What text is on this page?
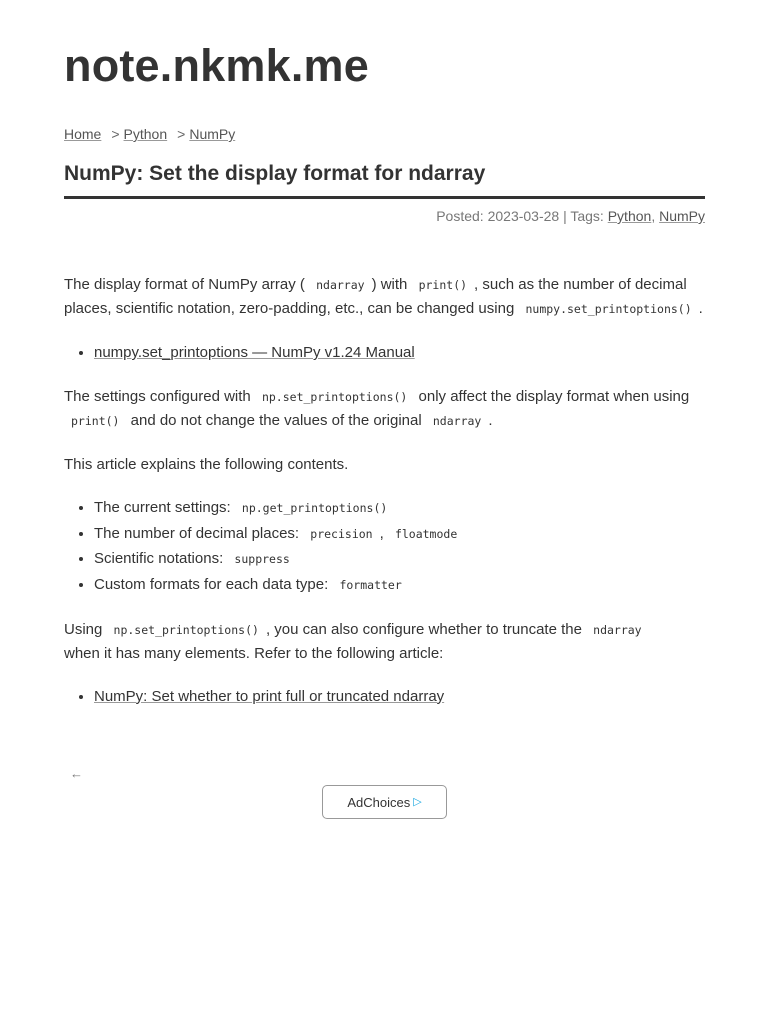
note.nkmk.me
Home > Python > NumPy
NumPy: Set the display format for ndarray
Posted: 2023-03-28 | Tags: Python, NumPy

The display format of NumPy array ( ndarray ) with print() , such as the number of decimal places, scientific notation, zero-padding, etc., can be changed using numpy.set_printoptions() .

• numpy.set_printoptions — NumPy v1.24 Manual

The settings configured with np.set_printoptions() only affect the display format when using print() and do not change the values of the original ndarray .

This article explains the following contents.

• The current settings: np.get_printoptions()
• The number of decimal places: precision , floatmode
• Scientific notations: suppress
• Custom formats for each data type: formatter

Using np.set_printoptions() , you can also configure whether to truncate the ndarray
when it has many elements. Refer to the following article:

• NumPy: Set whether to print full or truncated ndarray
←
AdChoices ▷
